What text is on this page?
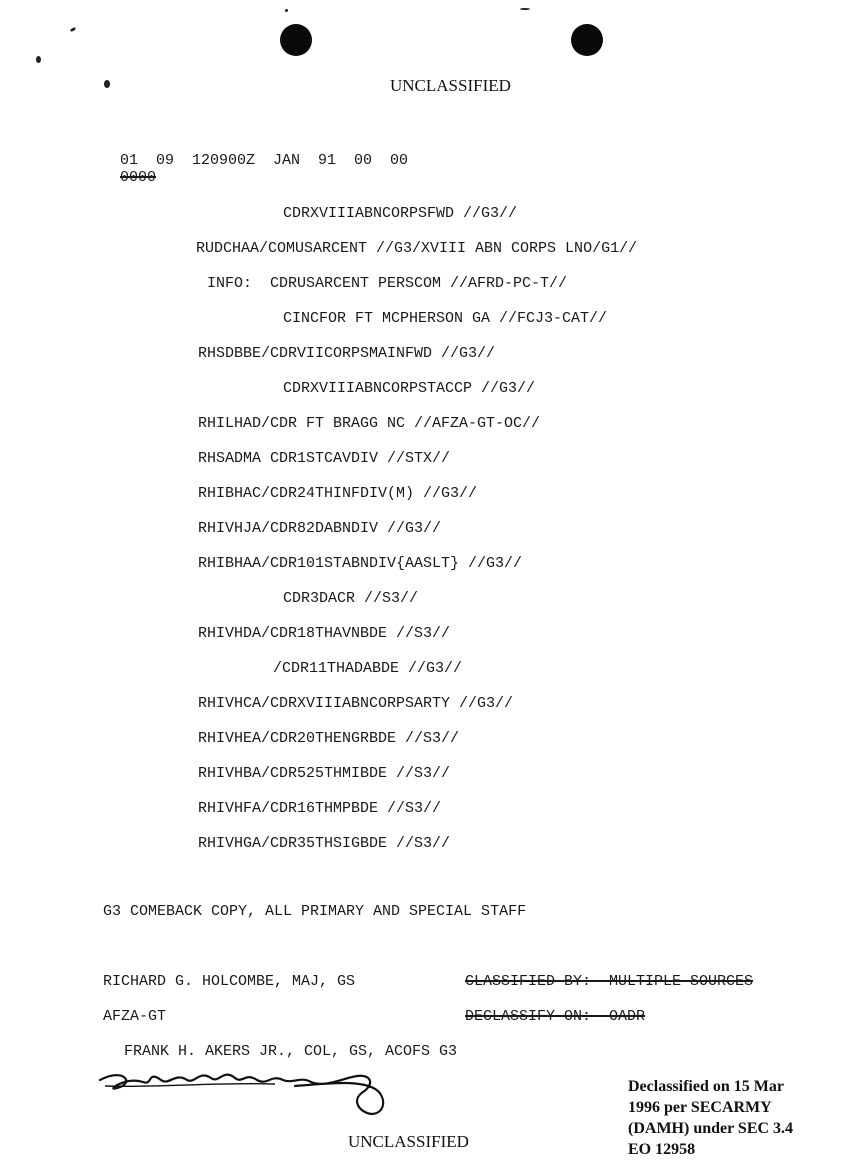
UNCLASSIFIED

01  09  120900Z  JAN  91  00  00
0000

CDRXVIIIABNCORPSFWD //G3//
RUDCHAA/COMUSARCENT //G3/XVIII ABN CORPS LNO/G1//
INFO:  CDRUSARCENT PERSCOM //AFRD-PC-T//
CINCFOR FT MCPHERSON GA //FCJ3-CAT//
RHSDBBE/CDRVIICORPSMAINFWD //G3//
CDRXVIIIABNCORPSTACCP //G3//
RHILHAD/CDR FT BRAGG NC //AFZA-GT-OC//
RHSADMA CDR1STCAVDIV //STX//
RHIBHAC/CDR24THINFDIV(M) //G3//
RHIVHJA/CDR82DABNDIV //G3//
RHIBHAA/CDR101STABNDIV{AASLT} //G3//
CDR3DACR //S3//
RHIVHDA/CDR18THAVNBDE //S3//
/CDR11THADABDE //G3//
RHIVHCA/CDRXVIIIABNCORPSARTY //G3//
RHIVHEA/CDR20THENGRBDE //S3//
RHIVHBA/CDR525THMIBDE //S3//
RHIVHFA/CDR16THMPBDE //S3//
RHIVHGA/CDR35THSIGBDE //S3//
G3 COMEBACK COPY, ALL PRIMARY AND SPECIAL STAFF
RICHARD G. HOLCOMBE, MAJ, GS
AFZA-GT
CLASSIFIED BY:  MULTIPLE SOURCES
DECLASSIFY ON:  OADR
FRANK H. AKERS JR., COL, GS, ACOFS G3
Declassified on 15 Mar
1996 per SECARMY
(DAMH) under SEC 3.4
EO 12958
UNCLASSIFIED
